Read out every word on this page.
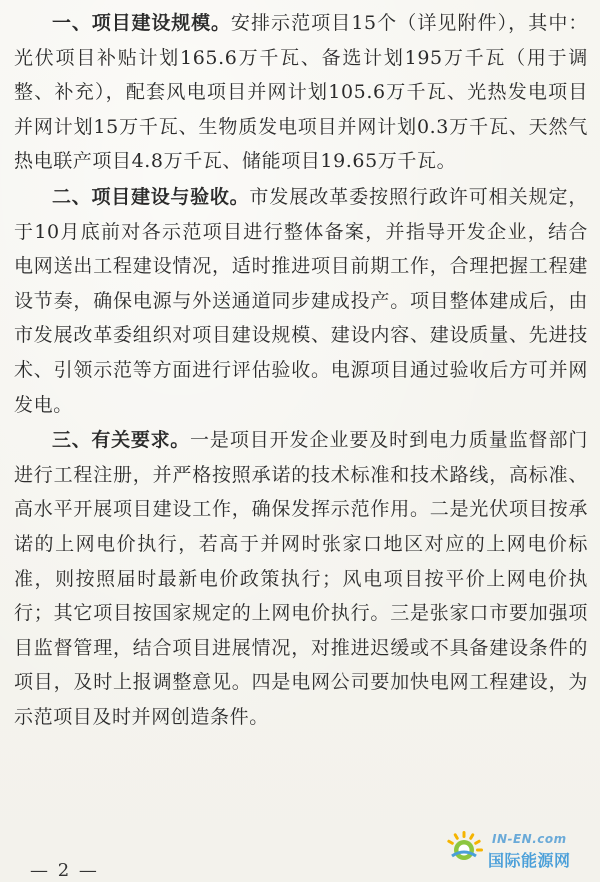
一、项目建设规模。安排示范项目15个（详见附件），其中：光伏项目补贴计划165.6万千瓦、备选计划195万千瓦（用于调整、补充），配套风电项目并网计划105.6万千瓦、光热发电项目并网计划15万千瓦、生物质发电项目并网计划0.3万千瓦、天然气热电联产项目4.8万千瓦、储能项目19.65万千瓦。

二、项目建设与验收。市发展改革委按照行政许可相关规定，于10月底前对各示范项目进行整体备案，并指导开发企业，结合电网送出工程建设情况，适时推进项目前期工作，合理把握工程建设节奏，确保电源与外送通道同步建成投产。项目整体建成后，由市发展改革委组织对项目建设规模、建设内容、建设质量、先进技术、引领示范等方面进行评估验收。电源项目通过验收后方可并网发电。

三、有关要求。一是项目开发企业要及时到电力质量监督部门进行工程注册，并严格按照承诺的技术标准和技术路线，高标准、高水平开展项目建设工作，确保发挥示范作用。二是光伏项目按承诺的上网电价执行，若高于并网时张家口地区对应的上网电价标准，则按照届时最新电价政策执行；风电项目按平价上网电价执行；其它项目按国家规定的上网电价执行。三是张家口市要加强项目监督管理，结合项目进展情况，对推进迟缓或不具备建设条件的项目，及时上报调整意见。四是电网公司要加快电网工程建设，为示范项目及时并网创造条件。

— 2 —
IN-EN.com
国际能源网
